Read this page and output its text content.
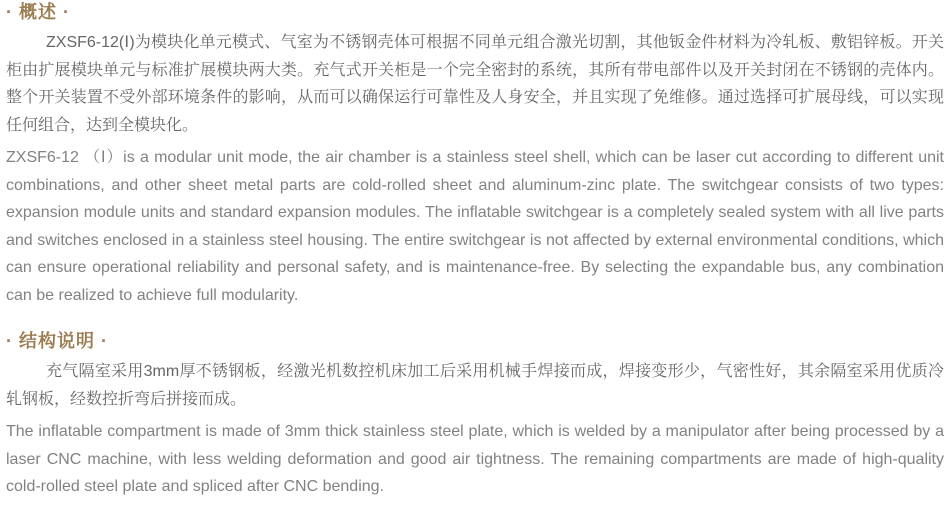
· 概述 ·

ZXSF6-12(Ⅰ)为模块化单元模式、气室为不锈钢壳体可根据不同单元组合激光切割，其他钣金件材料为冷轧板、敷铝锌板。开关柜由扩展模块单元与标准扩展模块两大类。充气式开关柜是一个完全密封的系统，其所有带电部件以及开关封闭在不锈钢的壳体内。整个开关装置不受外部环境条件的影响，从而可以确保运行可靠性及人身安全，并且实现了免维修。通过选择可扩展母线，可以实现任何组合，达到全模块化。

ZXSF6-12 （Ⅰ）is a modular unit mode, the air chamber is a stainless steel shell, which can be laser cut according to different unit combinations, and other sheet metal parts are cold-rolled sheet and aluminum-zinc plate. The switchgear consists of two types: expansion module units and standard expansion modules. The inflatable switchgear is a completely sealed system with all live parts and switches enclosed in a stainless steel housing. The entire switchgear is not affected by external environmental conditions, which can ensure operational reliability and personal safety, and is maintenance-free. By selecting the expandable bus, any combination can be realized to achieve full modularity.

· 结构说明 ·

充气隔室采用3mm厚不锈钢板，经激光机数控机床加工后采用机械手焊接而成，焊接变形少，气密性好，其余隔室采用优质冷轧钢板，经数控折弯后拼接而成。

The inflatable compartment is made of 3mm thick stainless steel plate, which is welded by a manipulator after being processed by a laser CNC machine, with less welding deformation and good air tightness. The remaining compartments are made of high-quality cold-rolled steel plate and spliced after CNC bending.
